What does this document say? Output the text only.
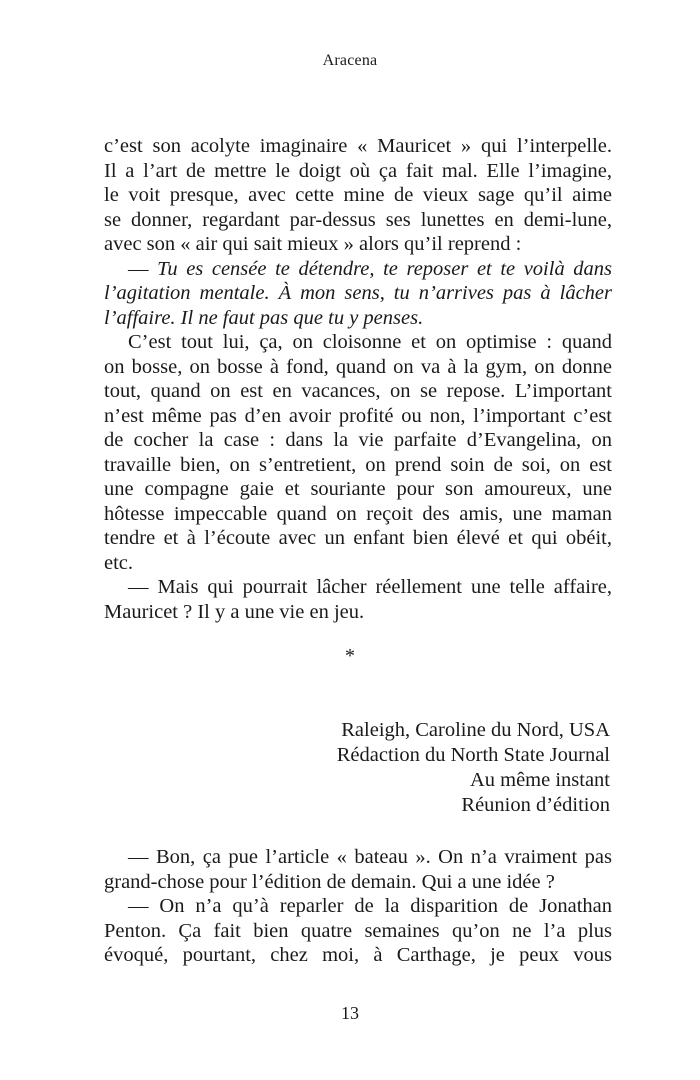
Aracena
c’est son acolyte imaginaire « Mauricet » qui l’interpelle.
Il a l’art de mettre le doigt où ça fait mal. Elle l’imagine,
le voit presque, avec cette mine de vieux sage qu’il aime
se donner, regardant par-dessus ses lunettes en demi-lune,
avec son « air qui sait mieux » alors qu’il reprend :
— Tu es censée te détendre, te reposer et te voilà dans
l’agitation mentale. À mon sens, tu n’arrives pas à lâcher
l’affaire. Il ne faut pas que tu y penses.
C’est tout lui, ça, on cloisonne et on optimise : quand
on bosse, on bosse à fond, quand on va à la gym, on donne
tout, quand on est en vacances, on se repose. L’important
n’est même pas d’en avoir profité ou non, l’important c’est
de cocher la case : dans la vie parfaite d’Evangelina, on
travaille bien, on s’entretient, on prend soin de soi, on est
une compagne gaie et souriante pour son amoureux, une
hôtesse impeccable quand on reçoit des amis, une maman
tendre et à l’écoute avec un enfant bien élevé et qui obéit,
etc.
— Mais qui pourrait lâcher réellement une telle affaire,
Mauricet ? Il y a une vie en jeu.
*
Raleigh, Caroline du Nord, USA
Rédaction du North State Journal
Au même instant
Réunion d’édition
— Bon, ça pue l’article « bateau ». On n’a vraiment pas
grand-chose pour l’édition de demain. Qui a une idée ?
— On n’a qu’à reparler de la disparition de Jonathan
Penton. Ça fait bien quatre semaines qu’on ne l’a plus
évoqué, pourtant, chez moi, à Carthage, je peux vous
13
